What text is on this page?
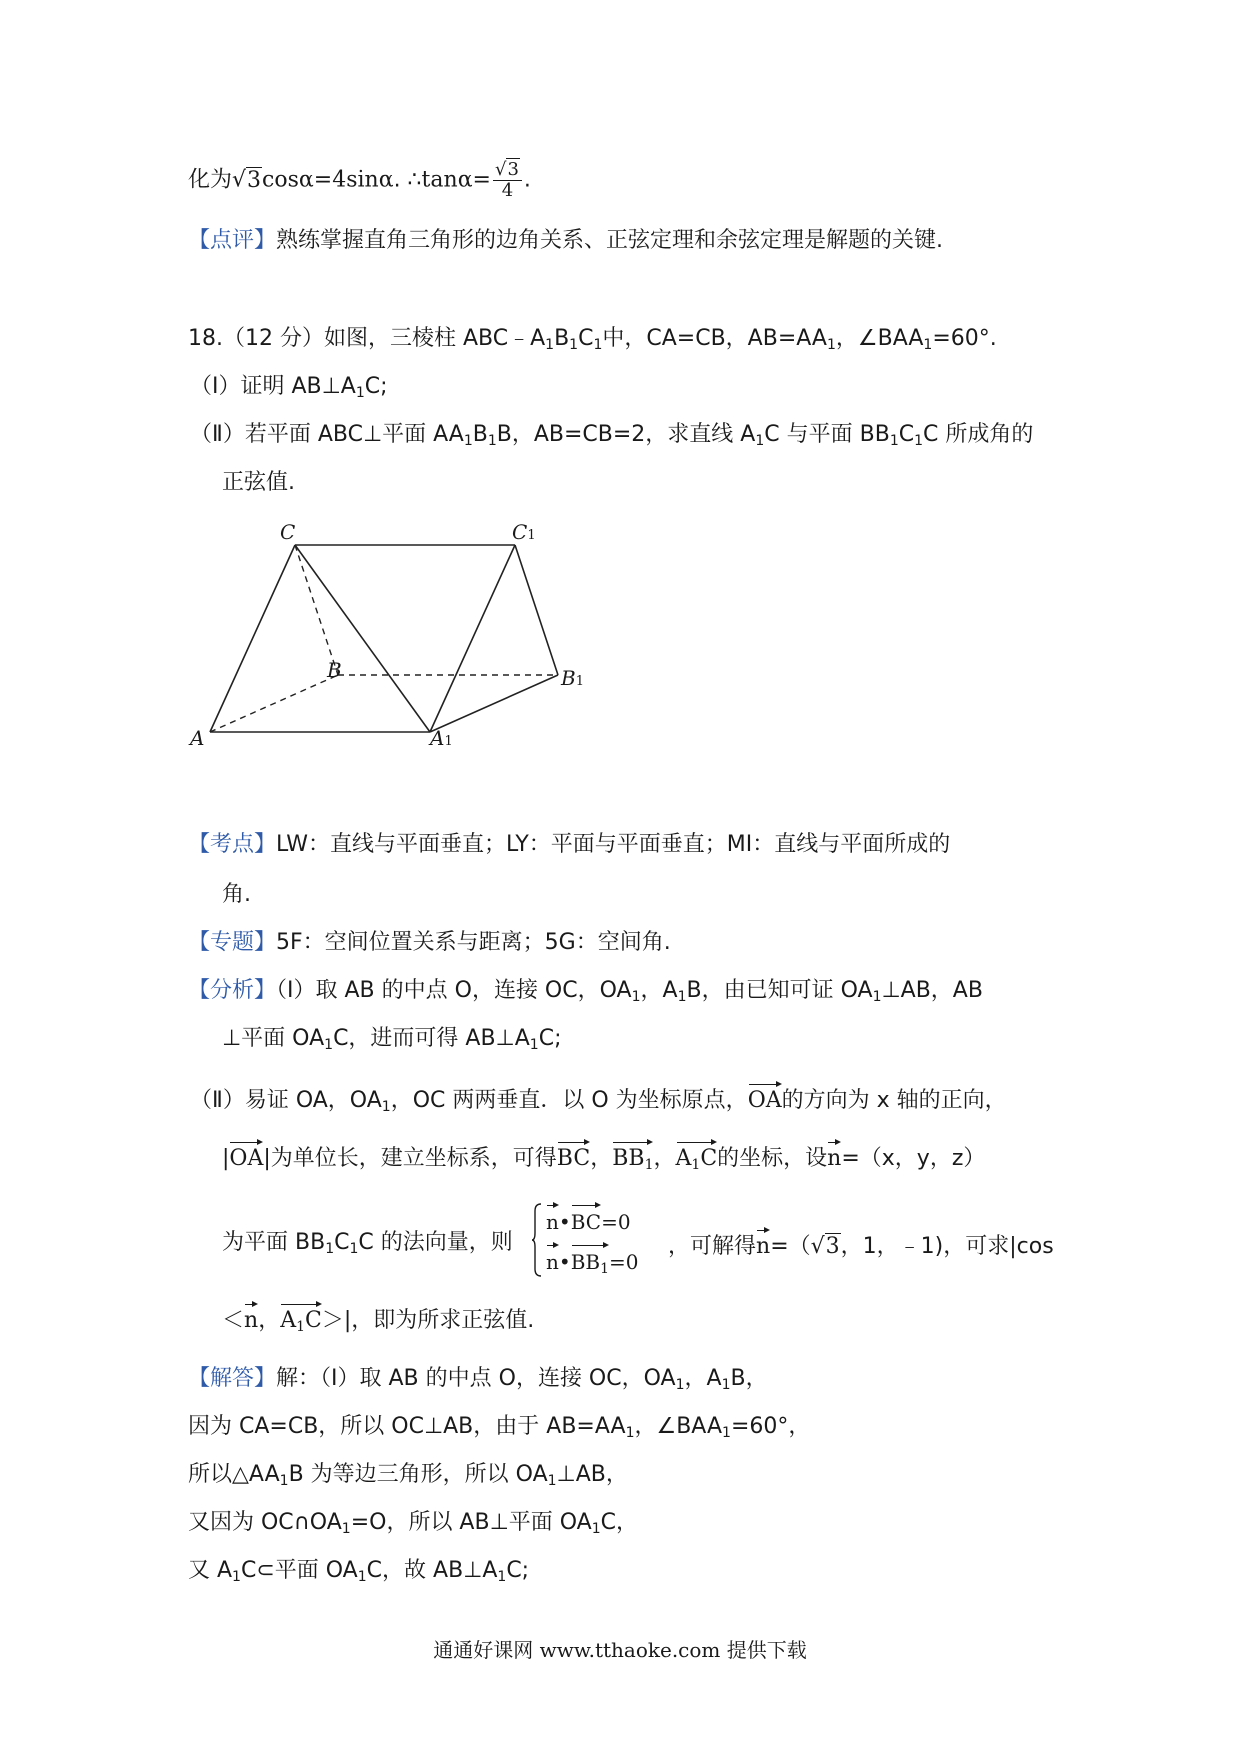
化为√3cosα=4sinα. ∴tanα= $\frac{√3}{4}$ .
【点评】熟练掌握直角三角形的边角关系、正弦定理和余弦定理是解题的关键.
18.（12 分）如图，三棱柱 $ABC﹣A_1B_1C_1$中，CA=CB，$AB=AA_1$，$\angle BAA_1=60^\circ$.
（Ⅰ）证明 $AB\perp A_1C$;
（Ⅱ）若平面 ABC⊥平面 $AA_1B_1B$，AB=CB=2，求直线 $A_1C$ 与平面 $BB_1C_1C$ 所成角的
正弦值.
C	C1
B	B1
A	A1
【考点】LW：直线与平面垂直；LY：平面与平面垂直；MI：直线与平面所成的
角.
【专题】5F：空间位置关系与距离；5G：空间角.
【分析】（Ⅰ）取 AB 的中点 O，连接 OC，$OA_1$，$A_1B$，由已知可证 $OA_1\perp AB$，AB
⊥平面 $OA_1C$，进而可得 $AB\perp A_1C$;
（Ⅱ）易证 OA，$OA_1$，OC 两两垂直．以 O 为坐标原点，OA的方向为 x 轴的正向，
|OA|为单位长，建立坐标系，可得BC，$BB_1$，$A_1C$的坐标，设n=（x，y，z）
为平面 $BB_1C_1C$ 的法向量，则
n•BC=0
$n•BB_1=0$
，可解得n=（√3，1，﹣1)，可求|cos
＜n，$A_1C>|$，即为所求正弦值.
【解答】解：（Ⅰ）取 AB 的中点 O，连接 OC，$OA_1$，$A_1B$，
因为 CA=CB，所以 OC⊥AB，由于 $AB=AA_1$，$\angle BAA_1=60^\circ$，
所以$\triangle AA_1B$ 为等边三角形，所以 $OA_1\perp AB$，
又因为 $OC\cap OA_1=O$，所以 AB⊥平面 $OA_1C$，
又 $A_1C\subset$平面 $OA_1C$，故 $AB\perp A_1C$;
通通好课网 www.tthaoke.com 提供下载
